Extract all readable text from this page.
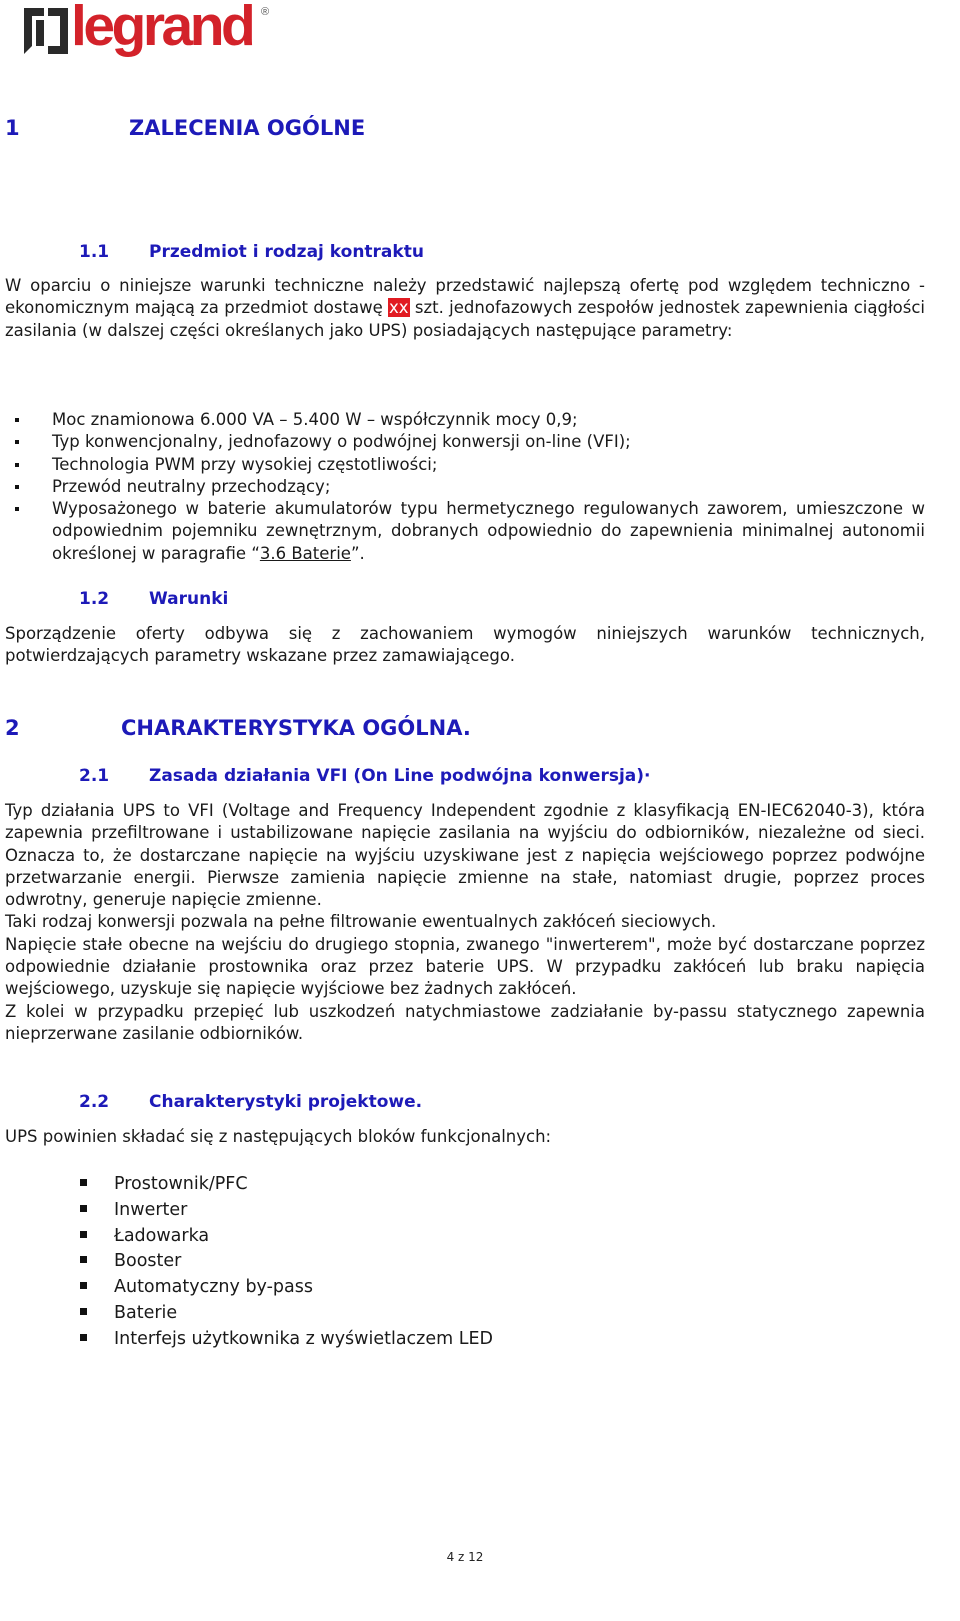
legrand ®
1	ZALECENIA OGÓLNE
1.1 Przedmiot i rodzaj kontraktu

W oparciu o niniejsze warunki techniczne należy przedstawić najlepszą ofertę pod względem techniczno - ekonomicznym mającą za przedmiot dostawę xx szt. jednofazowych zespołów jednostek zapewnienia ciągłości zasilania (w dalszej części określanych jako UPS) posiadających następujące parametry:

Moc znamionowa 6.000 VA – 5.400 W – współczynnik mocy 0,9;
Typ konwencjonalny, jednofazowy o podwójnej konwersji on-line (VFI);
Technologia PWM przy wysokiej częstotliwości;
Przewód neutralny przechodzący;
Wyposażonego w baterie akumulatorów typu hermetycznego regulowanych zaworem, umieszczone w odpowiednim pojemniku zewnętrznym, dobranych odpowiednio do zapewnienia minimalnej autonomii określonej w paragrafie “3.6 Baterie”.
1.2 Warunki
Sporządzenie oferty odbywa się z zachowaniem wymogów niniejszych warunków technicznych, potwierdzających parametry wskazane przez zamawiającego.
2	CHARAKTERYSTYKA OGÓLNA.
2.1 Zasada działania VFI (On Line podwójna konwersja)·

Typ działania UPS to VFI (Voltage and Frequency Independent zgodnie z klasyfikacją EN-IEC62040-3), która zapewnia przefiltrowane i ustabilizowane napięcie zasilania na wyjściu do odbiorników, niezależne od sieci. Oznacza to, że dostarczane napięcie na wyjściu uzyskiwane jest z napięcia wejściowego poprzez podwójne przetwarzanie energii. Pierwsze zamienia napięcie zmienne na stałe, natomiast drugie, poprzez proces odwrotny, generuje napięcie zmienne.

Taki rodzaj konwersji pozwala na pełne filtrowanie ewentualnych zakłóceń sieciowych.

Napięcie stałe obecne na wejściu do drugiego stopnia, zwanego "inwerterem", może być dostarczane poprzez odpowiednie działanie prostownika oraz przez baterie UPS. W przypadku zakłóceń lub braku napięcia wejściowego, uzyskuje się napięcie wyjściowe bez żadnych zakłóceń.

Z kolei w przypadku przepięć lub uszkodzeń natychmiastowe zadziałanie by-passu statycznego zapewnia nieprzerwane zasilanie odbiorników.

2.2 Charakterystyki projektowe.
UPS powinien składać się z następujących bloków funkcjonalnych:
Prostownik/PFC
Inwerter
Ładowarka
Booster
Automatyczny by-pass
Baterie
Interfejs użytkownika z wyświetlaczem LED
4 z 12
